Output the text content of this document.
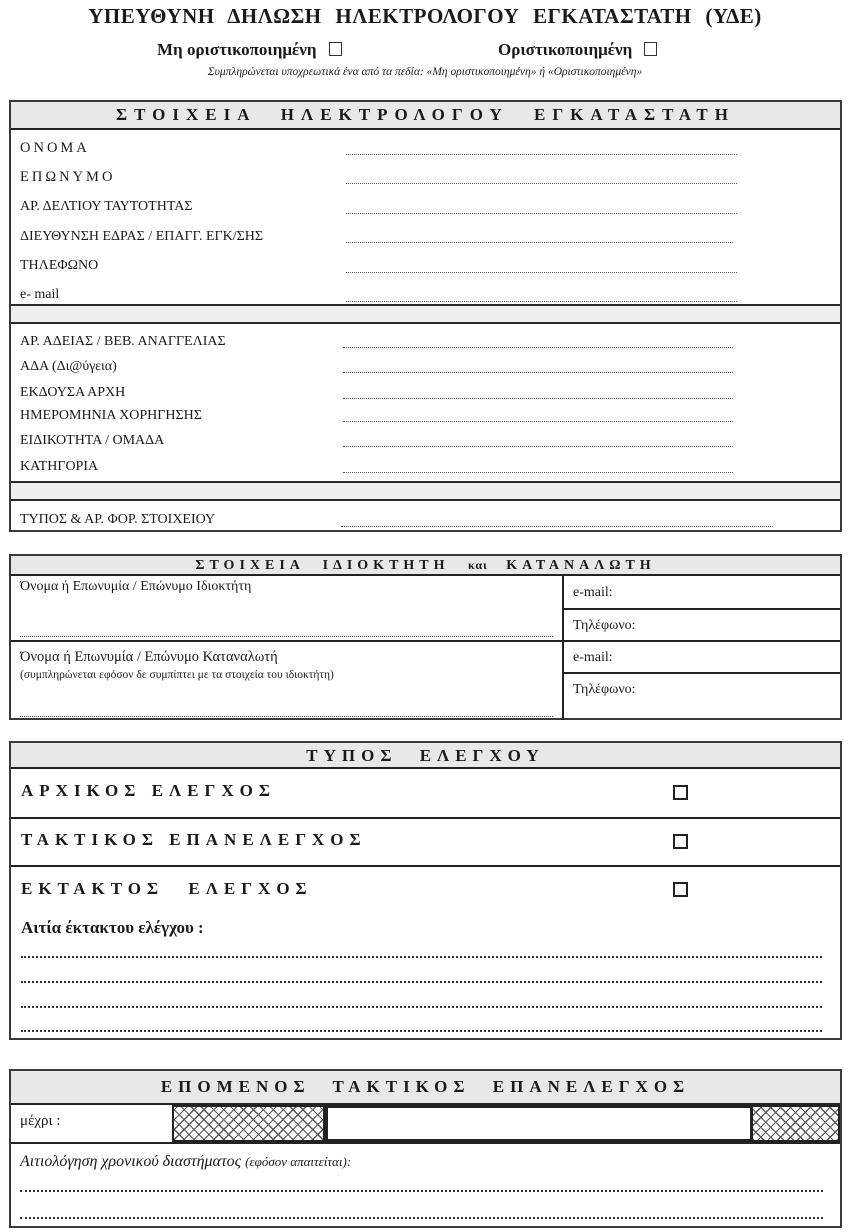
ΥΠΕΥΘΥΝΗ ΔΗΛΩΣΗ ΗΛΕΚΤΡΟΛΟΓΟΥ ΕΓΚΑΤΑΣΤΑΤΗ (ΥΔΕ)
Μη οριστικοποιημένη	Οριστικοποιημένη
Συμπληρώνεται υποχρεωτικά ένα από τα πεδία: «Μη οριστικοποιημένη» ή «Οριστικοποιημένη»
ΣΤΟΙΧΕΙΑ ΗΛΕΚΤΡΟΛΟΓΟΥ ΕΓΚΑΤΑΣΤΑΤΗ
ΟΝΟΜΑ
ΕΠΩΝΥΜΟ
ΑΡ. ΔΕΛΤΙΟΥ ΤΑΥΤΟΤΗΤΑΣ
ΔΙΕΥΘΥΝΣΗ ΕΔΡΑΣ / ΕΠΑΓΓ. ΕΓΚ/ΣΗΣ
ΤΗΛΕΦΩΝΟ
e- mail
ΑΡ. ΑΔΕΙΑΣ / ΒΕΒ. ΑΝΑΓΓΕΛΙΑΣ
ΑΔΑ (Δι@ύγεια)
ΕΚΔΟΥΣΑ ΑΡΧΗ
ΗΜΕΡΟΜΗΝΙΑ ΧΟΡΗΓΗΣΗΣ
ΕΙΔΙΚΟΤΗΤΑ / ΟΜΑΔΑ
ΚΑΤΗΓΟΡΙΑ
ΤΥΠΟΣ & ΑΡ. ΦΟΡ. ΣΤΟΙΧΕΙΟΥ
ΣΤΟΙΧΕΙΑ ΙΔΙΟΚΤΗΤΗ και ΚΑΤΑΝΑΛΩΤΗ
Όνομα ή Επωνυμία / Επώνυμο Ιδιοκτήτη
Όνομα ή Επωνυμία / Επώνυμο Καταναλωτή
(συμπληρώνεται εφόσον δε συμπίπτει με τα στοιχεία του ιδιοκτήτη)
e-mail:
Τηλέφωνο:
e-mail:
Τηλέφωνο:
ΤΥΠΟΣ ΕΛΕΓΧΟΥ
ΑΡΧΙΚΟΣ ΕΛΕΓΧΟΣ
ΤΑΚΤΙΚΟΣ ΕΠΑΝΕΛΕΓΧΟΣ
ΕΚΤΑΚΤΟΣ ΕΛΕΓΧΟΣ
Αιτία έκτακτου ελέγχου :
ΕΠΟΜΕΝΟΣ ΤΑΚΤΙΚΟΣ ΕΠΑΝΕΛΕΓΧΟΣ
μέχρι :
Αιτιολόγηση χρονικού διαστήματος (εφόσον απαιτείται):
